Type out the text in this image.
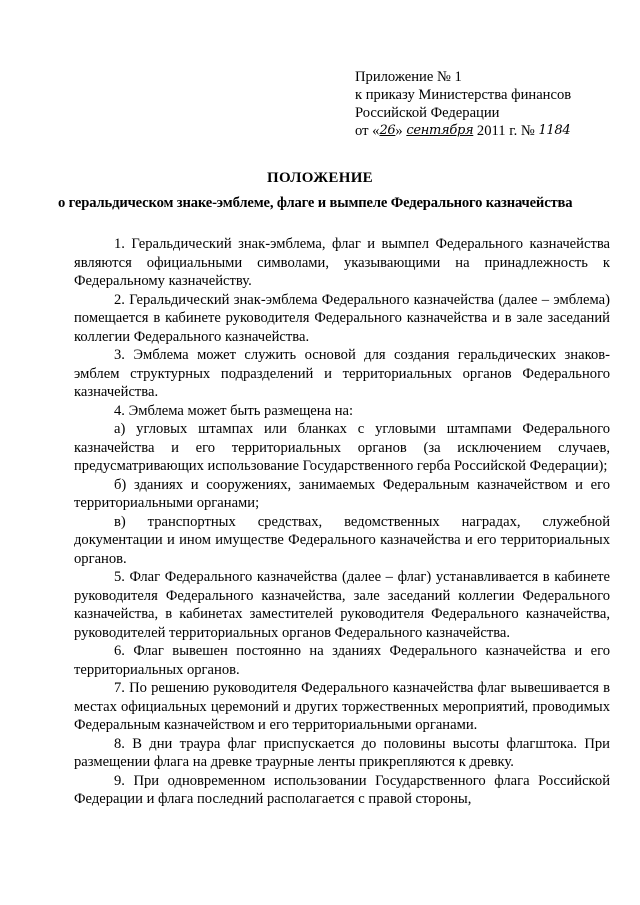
Приложение № 1
к приказу Министерства финансов
Российской Федерации
от «26» сентября 2011 г. № 1184
ПОЛОЖЕНИЕ
о геральдическом знаке-эмблеме, флаге и вымпеле Федерального казначейства

1. Геральдический знак-эмблема, флаг и вымпел Федерального казначейства являются официальными символами, указывающими на принадлежность к Федеральному казначейству.

2. Геральдический знак-эмблема Федерального казначейства (далее – эмблема) помещается в кабинете руководителя Федерального казначейства и в зале заседаний коллегии Федерального казначейства.

3. Эмблема может служить основой для создания геральдических знаков-эмблем структурных подразделений и территориальных органов Федерального казначейства.

4. Эмблема может быть размещена на:

а) угловых штампах или бланках с угловыми штампами Федерального казначейства и его территориальных органов (за исключением случаев, предусматривающих использование Государственного герба Российской Федерации);

б) зданиях и сооружениях, занимаемых Федеральным казначейством и его территориальными органами;

в) транспортных средствах, ведомственных наградах, служебной документации и ином имуществе Федерального казначейства и его территориальных органов.

5. Флаг Федерального казначейства (далее – флаг) устанавливается в кабинете руководителя Федерального казначейства, зале заседаний коллегии Федерального казначейства, в кабинетах заместителей руководителя Федерального казначейства, руководителей территориальных органов Федерального казначейства.

6. Флаг вывешен постоянно на зданиях Федерального казначейства и его территориальных органов.

7. По решению руководителя Федерального казначейства флаг вывешивается в местах официальных церемоний и других торжественных мероприятий, проводимых Федеральным казначейством и его территориальными органами.

8. В дни траура флаг приспускается до половины высоты флагштока. При размещении флага на древке траурные ленты прикрепляются к древку.

9. При одновременном использовании Государственного флага Российской Федерации и флага последний располагается с правой стороны,
